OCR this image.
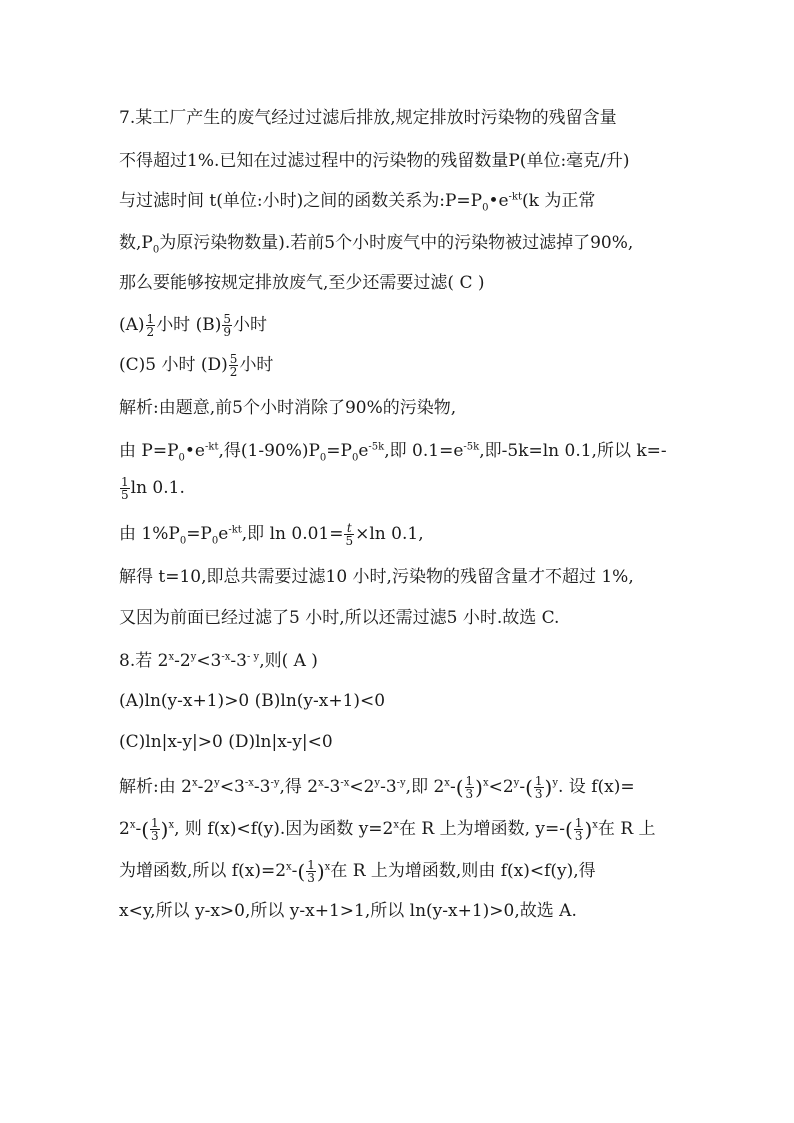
7.某工厂产生的废气经过过滤后排放,规定排放时污染物的残留含量
不得超过1%.已知在过滤过程中的污染物的残留数量P(单位:毫克/升)
与过滤时间 t(单位:小时)之间的函数关系为$:P=P_0•e^{-kt}(k$ 为正常
数$,P_0$为原污染物数量).若前5个小时废气中的污染物被过滤掉了90%,
那么要能够按规定排放废气,至少还需要过滤( C )
$(A) \frac{1}{2}$ 小时 $(B) \frac{5}{9}$ 小时
(C)5 小时 $(D) \frac{5}{2}$ 小时
解析:由题意,前5个小时消除了90%的污染物,
由 $P=P_0•e^{-kt}$,得$(1-90\%)P_0=P_0e^{-5k}$,即 $0.1=e^{-5k}$,即-5k=ln 0.1,所以 k=-
$\frac{1}{5}$ ln 0.1.
由 $1\%P_0=P_0e^{-kt}$,即 $\ln 0.01= \frac{t}{5} \times\ln$ 0.1,
解得 t=10,即总共需要过滤10 小时,污染物的残留含量才不超过 1%,
又因为前面已经过滤了5 小时,所以还需过滤5 小时.故选 C.
8.若 $2^x-2^y<3^{-x}-3^{- y}$,则( A )
(A)ln(y-x+1)>0 (B)ln(y-x+1)<0
(C)ln|x-y|>0 (D)ln|x-y|<0
解析:由 $2^x-2^y<3^{-x}-3^{-y}$,得 $2^x-3^{-x}<2^y-3^{-y}$,即 $2^x-( \frac{1}{3} )^x<2^y-( \frac{1}{3} )^y$. 设 f(x)=
$2^x-( \frac{1}{3} )^x$, 则 f(x)<f(y).因为函数 $y=2^x$在 R 上为增函数, $y=-( \frac{1}{3} )^x$在 R 上
为增函数,所以 $f(x)=2^x-( \frac{1}{3} )^x$在 R 上为增函数,则由 f(x)<f(y),得
x<y,所以 y-x>0,所以 y-x+1>1,所以 ln(y-x+1)>0,故选 A.
